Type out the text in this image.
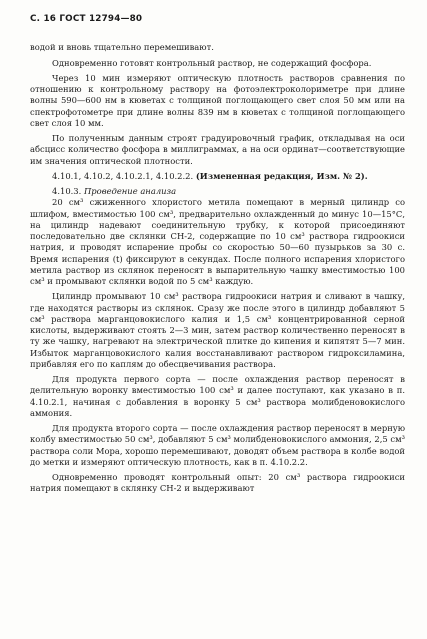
С. 16 ГОСТ 12794—80

водой и вновь тщательно перемешивают.

Одновременно готовят контрольный раствор, не содержащий фосфора.

Через 10 мин измеряют оптическую плотность растворов сравнения по отношению к контрольному раствору на фотоэлектроколориметре при длине волны 590—600 нм в кюветах с толщиной поглощающего свет слоя 50 мм или на спектрофотометре при длине волны 839 нм в кюветах с толщиной поглощающего свет слоя 10 мм.

По полученным данным строят градуировочный график, откладывая на оси абсцисс количество фосфора в миллиграммах, а на оси ординат—соответствующие им значения оптической плотности.

4.10.1, 4.10.2, 4.10.2.1, 4.10.2.2. (Измененная редакция, Изм. № 2).

4.10.3. Проведение анализа

20 см³ сжиженного хлористого метила помещают в мерный цилиндр со шлифом, вместимостью 100 см³, предварительно охлажденный до минус 10—15°С, на цилиндр надевают соединительную трубку, к которой присоединяют последовательно две склянки СН-2, содержащие по 10 см³ раствора гидроокиси натрия, и проводят испарение пробы со скоростью 50—60 пузырьков за 30 с. Время испарения (t) фиксируют в секундах. После полного испарения хлористого метила раствор из склянок переносят в выпарительную чашку вместимостью 100 см³ и промывают склянки водой по 5 см³ каждую.

Цилиндр промывают 10 см³ раствора гидроокиси натрия и сливают в чашку, где находятся растворы из склянок. Сразу же после этого в цилиндр добавляют 5 см³ раствора марганцовокислого калия и 1,5 см³ концентрированной серной кислоты, выдерживают стоять 2—3 мин, затем раствор количественно переносят в ту же чашку, нагревают на электрической плитке до кипения и кипятят 5—7 мин. Избыток марганцовокислого калия восстанавливают раствором гидроксиламина, прибавляя его по каплям до обесцвечивания раствора.

Для продукта первого сорта — после охлаждения раствор переносят в делительную воронку вместимостью 100 см³ и далее поступают, как указано в п. 4.10.2.1, начиная с добавления в воронку 5 см³ раствора молибденовокислого аммония.

Для продукта второго сорта — после охлаждения раствор переносят в мерную колбу вместимостью 50 см³, добавляют 5 см³ молибденовокислого аммония, 2,5 см³ раствора соли Мора, хорошо перемешивают, доводят объем раствора в колбе водой до метки и измеряют оптическую плотность, как в п. 4.10.2.2.

Одновременно проводят контрольный опыт: 20 см³ раствора гидроокиси натрия помещают в склянку СН-2 и выдерживают
